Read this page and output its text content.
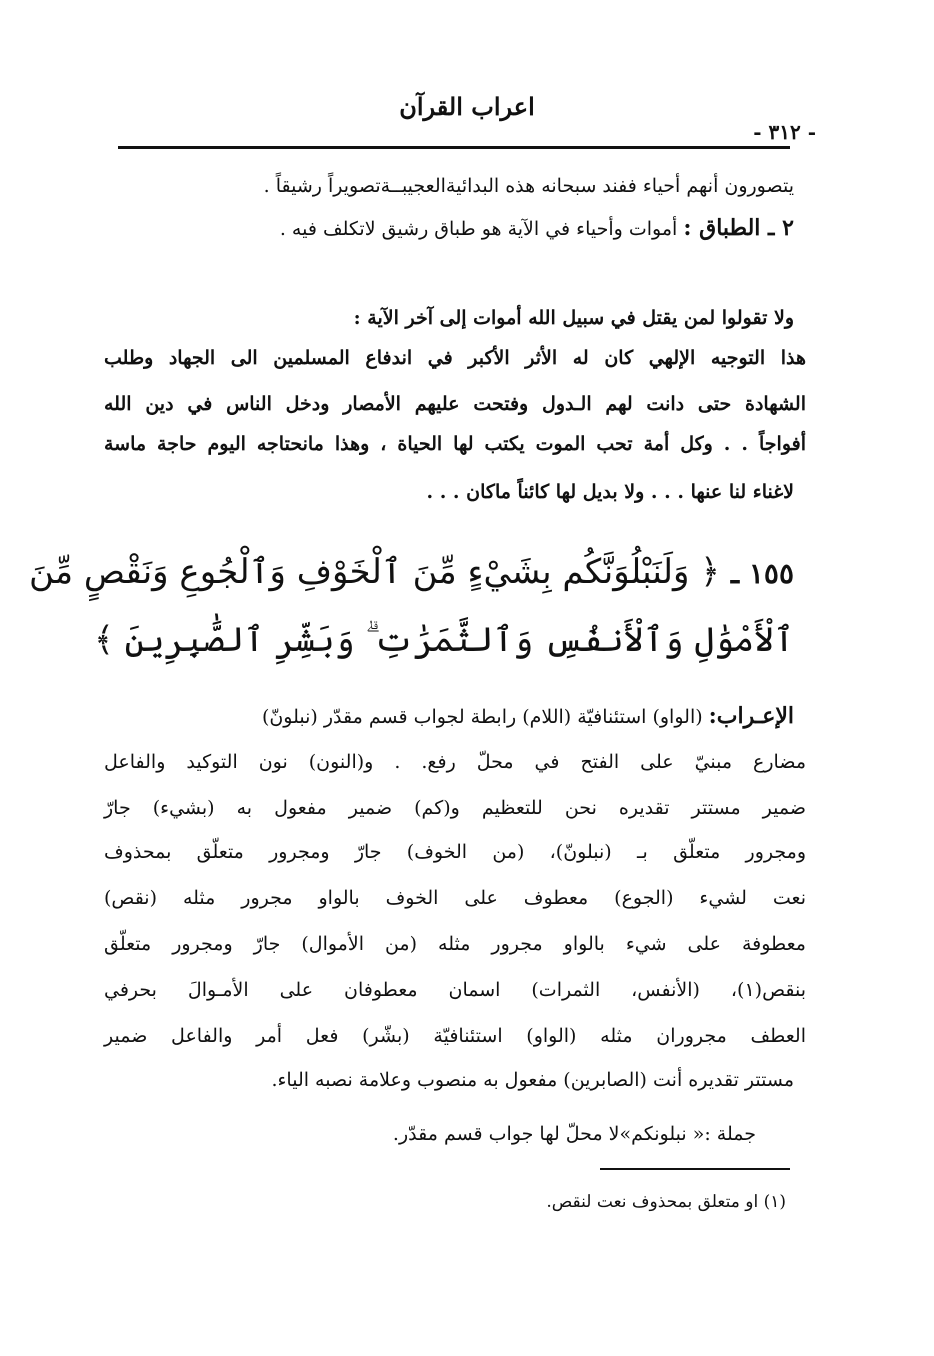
اعراب القرآن
- ٣١٢ -
يتصورون أنهم أحياء ففند سبحانه هذه البدائيةالعجيبــةتصويراً رشيقاً .
٢ ـ الطباق : أموات وأحياء في الآية هو طباق رشيق لاتكلف فيه .
ولا تقولوا لمن يقتل في سبيل الله أموات إلى آخر الآية :
هذا التوجيه الإلهي كان له الأثر الأكبر في اندفاع المسلمين الى الجهاد وطلب
الشهادة حتى دانت لهم الـدول وفتحت عليهم الأمصار ودخل الناس في دين الله
أفواجاً . . وكل أمة تحب الموت يكتب لها الحياة ، وهذا مانحتاجه اليوم حاجة ماسة
لاغناء لنا عنها . . . ولا بديل لها كائناً ماكان . . .
١٥٥ ـ ﴿ وَلَنَبْلُوَنَّكُم بِشَيْءٍ مِّنَ ٱلْخَوْفِ وَٱلْجُوعِ وَنَقْصٍ مِّنَ
ٱلْأَمْوَٰلِ وَٱلْأَنفُسِ وَٱلثَّمَرَٰتِ ۗ وَبَشِّرِ ٱلصَّٰبِرِينَ ﴾
الإعـراب: (الواو) استئنافيّة (اللام) رابطة لجواب قسم مقدّر (نبلونّ)
مضارع مبنيّ على الفتح في محلّ رفع. . و(النون) نون التوكيد والفاعل
ضمير مستتر تقديره نحن للتعظيم و(كم) ضمير مفعول به (بشيء) جارّ
ومجرور متعلّق بـ (نبلونّ)، (من الخوف) جارّ ومجرور متعلّق بمحذوف
نعت لشيء (الجوع) معطوف على الخوف بالواو مجرور مثله (نقص)
معطوفة على شيء بالواو مجرور مثله (من الأموال) جارّ ومجرور متعلّق
بنقص(١)، (الأنفس، الثمرات) اسمان معطوفان على الأمـوالَ بحرفي
العطف مجروران مثله (الواو) استئنافيّة (بشّر) فعل أمر والفاعل ضمير
مستتر تقديره أنت (الصابرين) مفعول به منصوب وعلامة نصبه الياء.
جملة :« نبلونكم»لا محلّ لها جواب قسم مقدّر.
(١) او متعلق بمحذوف نعت لنقص.
